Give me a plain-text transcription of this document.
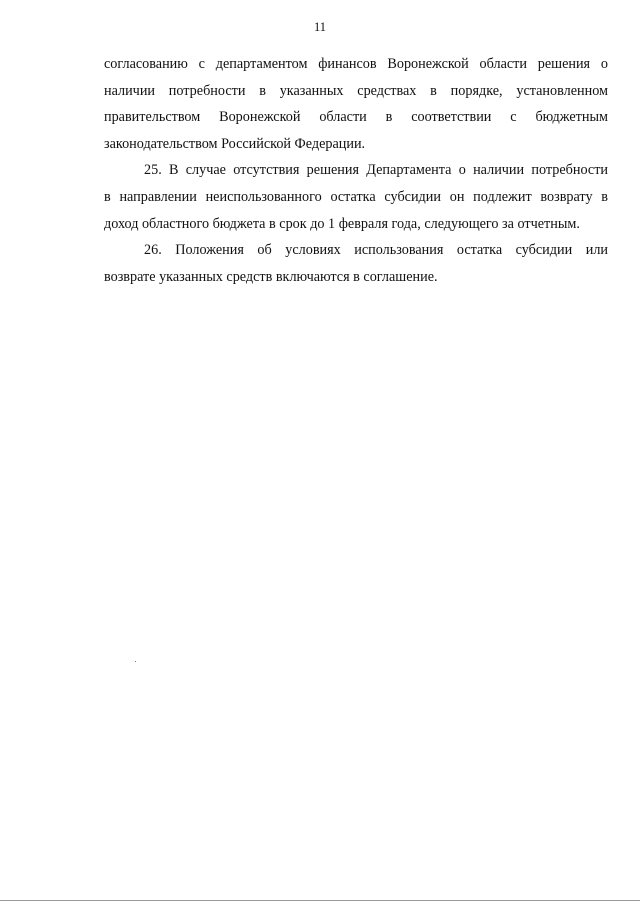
11

согласованию с департаментом финансов Воронежской области решения о
наличии потребности в указанных средствах в порядке, установленном
правительством Воронежской области в соответствии с бюджетным
законодательством Российской Федерации.

25. В случае отсутствия решения Департамента о наличии потребности
в направлении неиспользованного остатка субсидии он подлежит возврату в
доход областного бюджета в срок до 1 февраля года, следующего за отчетным.

26. Положения об условиях использования остатка субсидии или
возврате указанных средств включаются в соглашение.
